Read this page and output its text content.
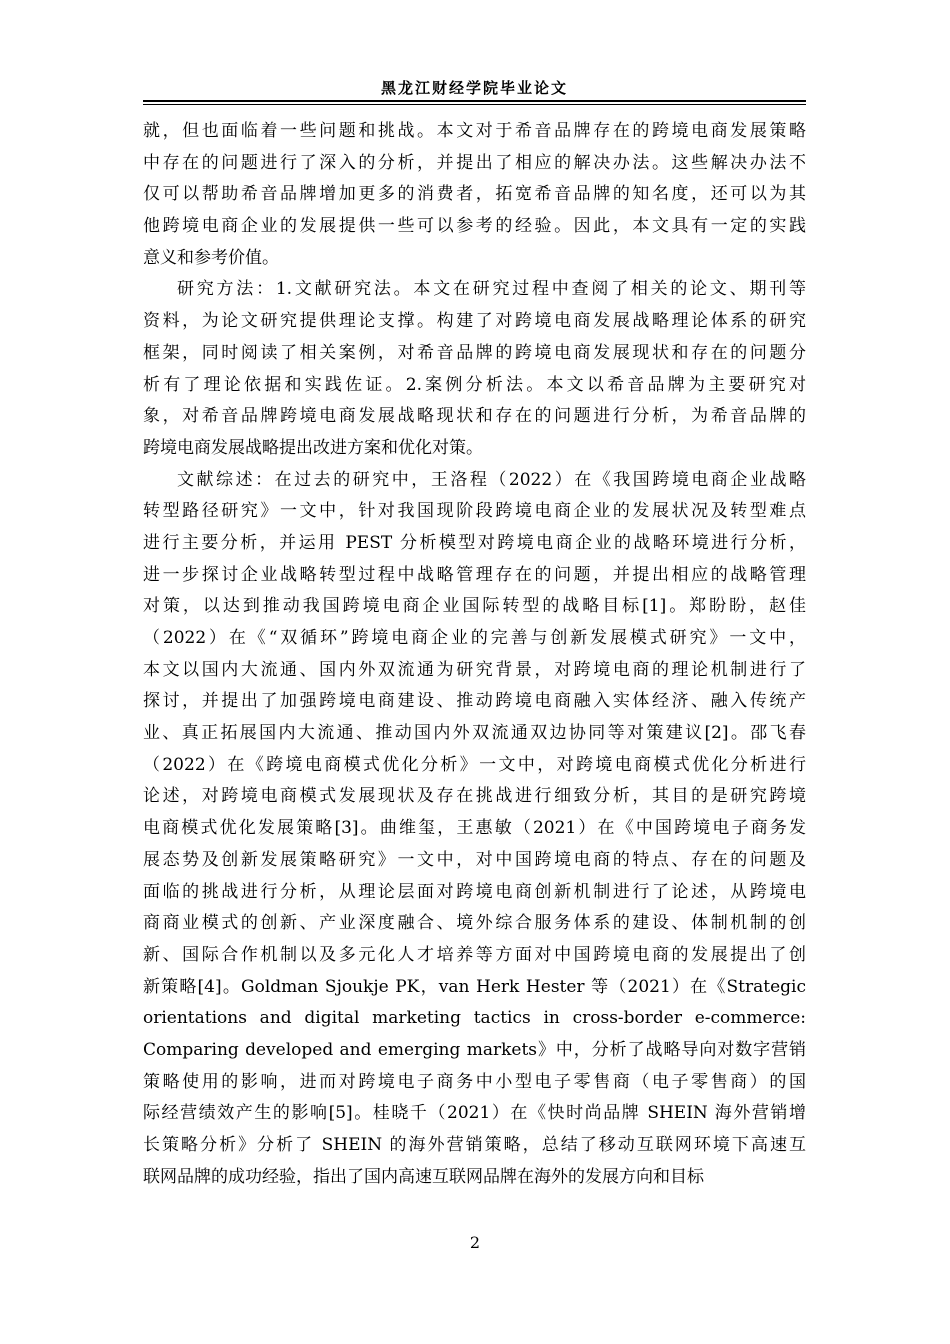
黑龙江财经学院毕业论文
就，但也面临着一些问题和挑战。本文对于希音品牌存在的跨境电商发展策略
中存在的问题进行了深入的分析，并提出了相应的解决办法。这些解决办法不
仅可以帮助希音品牌增加更多的消费者，拓宽希音品牌的知名度，还可以为其
他跨境电商企业的发展提供一些可以参考的经验。因此，本文具有一定的实践
意义和参考价值。
研究方法：1.文献研究法。本文在研究过程中查阅了相关的论文、期刊等
资料，为论文研究提供理论支撑。构建了对跨境电商发展战略理论体系的研究
框架，同时阅读了相关案例，对希音品牌的跨境电商发展现状和存在的问题分
析有了理论依据和实践佐证。2.案例分析法。本文以希音品牌为主要研究对
象，对希音品牌跨境电商发展战略现状和存在的问题进行分析，为希音品牌的
跨境电商发展战略提出改进方案和优化对策。
文献综述：在过去的研究中，王洛程（2022）在《我国跨境电商企业战略
转型路径研究》一文中，针对我国现阶段跨境电商企业的发展状况及转型难点
进行主要分析，并运用 PEST 分析模型对跨境电商企业的战略环境进行分析，
进一步探讨企业战略转型过程中战略管理存在的问题，并提出相应的战略管理
对策，以达到推动我国跨境电商企业国际转型的战略目标[1]。郑盼盼，赵佳
（2022）在《“双循环”跨境电商企业的完善与创新发展模式研究》一文中，
本文以国内大流通、国内外双流通为研究背景，对跨境电商的理论机制进行了
探讨，并提出了加强跨境电商建设、推动跨境电商融入实体经济、融入传统产
业、真正拓展国内大流通、推动国内外双流通双边协同等对策建议[2]。邵飞春
（2022）在《跨境电商模式优化分析》一文中，对跨境电商模式优化分析进行
论述，对跨境电商模式发展现状及存在挑战进行细致分析，其目的是研究跨境
电商模式优化发展策略[3]。曲维玺，王惠敏（2021）在《中国跨境电子商务发
展态势及创新发展策略研究》一文中，对中国跨境电商的特点、存在的问题及
面临的挑战进行分析，从理论层面对跨境电商创新机制进行了论述，从跨境电
商商业模式的创新、产业深度融合、境外综合服务体系的建设、体制机制的创
新、国际合作机制以及多元化人才培养等方面对中国跨境电商的发展提出了创
新策略[4]。Goldman Sjoukje PK，van Herk Hester 等（2021）在《Strategic
orientations and digital marketing tactics in cross-border e-commerce:
Comparing developed and emerging markets》中，分析了战略导向对数字营销
策略使用的影响，进而对跨境电子商务中小型电子零售商（电子零售商）的国
际经营绩效产生的影响[5]。桂晓千（2021）在《快时尚品牌 SHEIN 海外营销增
长策略分析》分析了 SHEIN 的海外营销策略，总结了移动互联网环境下高速互
联网品牌的成功经验，指出了国内高速互联网品牌在海外的发展方向和目标
2
